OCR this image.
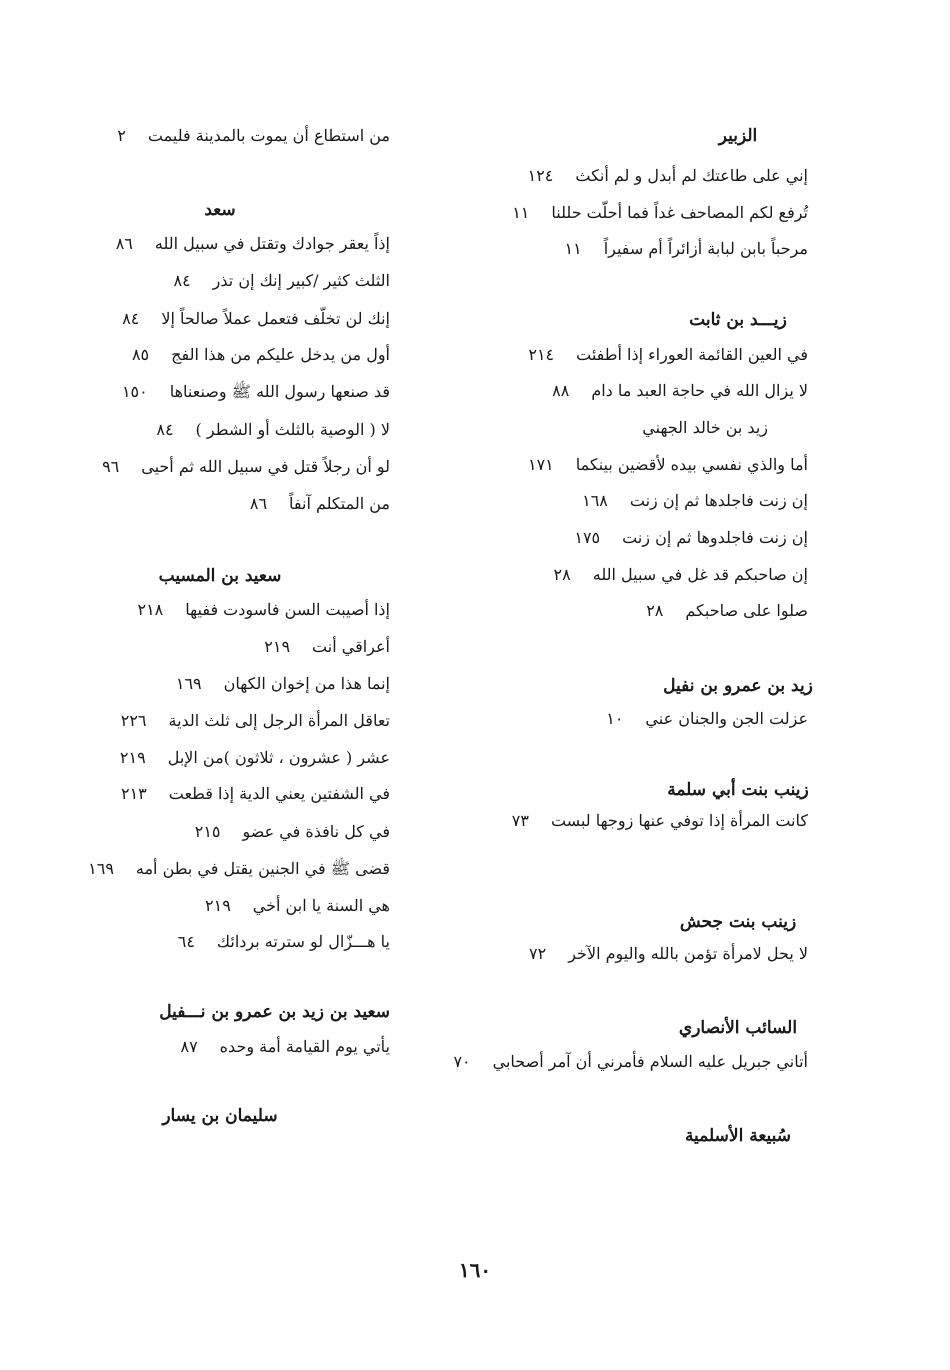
الزبير
إني على طاعتك لم أبدل و لم أنكث١٢٤
تُرفع لكم المصاحف غداً فما أحلّت حللنا١١
مرحباً بابن لبابة أزائراً أم سفيراً١١
زيـــد بن ثابت
في العين القائمة العوراء إذا أطفئت٢١٤
لا يزال الله في حاجة العبد ما دام٨٨
زيد بن خالد الجهني
أما والذي نفسي بيده لأقضين بينكما١٧١
إن زنت فاجلدها ثم إن زنت١٦٨
إن زنت فاجلدوها ثم إن زنت١٧٥
إن صاحبكم قد غل في سبيل الله٢٨
صلوا على صاحبكم٢٨
زيد بن عمرو بن نفيل
عزلت الجن والجنان عني١٠
زينب بنت أبي سلمة
كانت المرأة إذا توفي عنها زوجها لبست٧٣
زينب بنت جحش
لا يحل لامرأة تؤمن بالله واليوم الآخر٧٢
السائب الأنصاري
أتاني جبريل عليه السلام فأمرني أن آمر أصحابي٧٠
سُبيعة الأسلمية
من استطاع أن يموت بالمدينة فليمت٢
سعد
إذاً يعقر جوادك وتقتل في سبيل الله٨٦
الثلث كثير /كبير إنك إن تذر٨٤
إنك لن تخلّف فتعمل عملاً صالحاً إلا٨٤
أول من يدخل عليكم من هذا الفج٨٥
قد صنعها رسول الله ﷺ وصنعناها١٥٠
لا ( الوصية بالثلث أو الشطر )٨٤
لو أن رجلاً قتل في سبيل الله ثم أحيى٩٦
من المتكلم آنفاً٨٦
سعيد بن المسيب
إذا أصيبت السن فاسودت ففيها٢١٨
أعراقي أنت٢١٩
إنما هذا من إخوان الكهان١٦٩
تعاقل المرأة الرجل إلى ثلث الدية٢٢٦
عشر ( عشرون ، ثلاثون )من الإبل٢١٩
في الشفتين يعني الدية إذا قطعت٢١٣
في كل نافذة في عضو٢١٥
قضى ﷺ في الجنين يقتل في بطن أمه١٦٩
هي السنة يا ابن أخي٢١٩
يا هـــزّال لو سترته بردائك٦٤
سعيد بن زيد بن عمرو بن نـــفيل
يأتي يوم القيامة أمة وحده٨٧
سليمان بن يسار
١٦٠
